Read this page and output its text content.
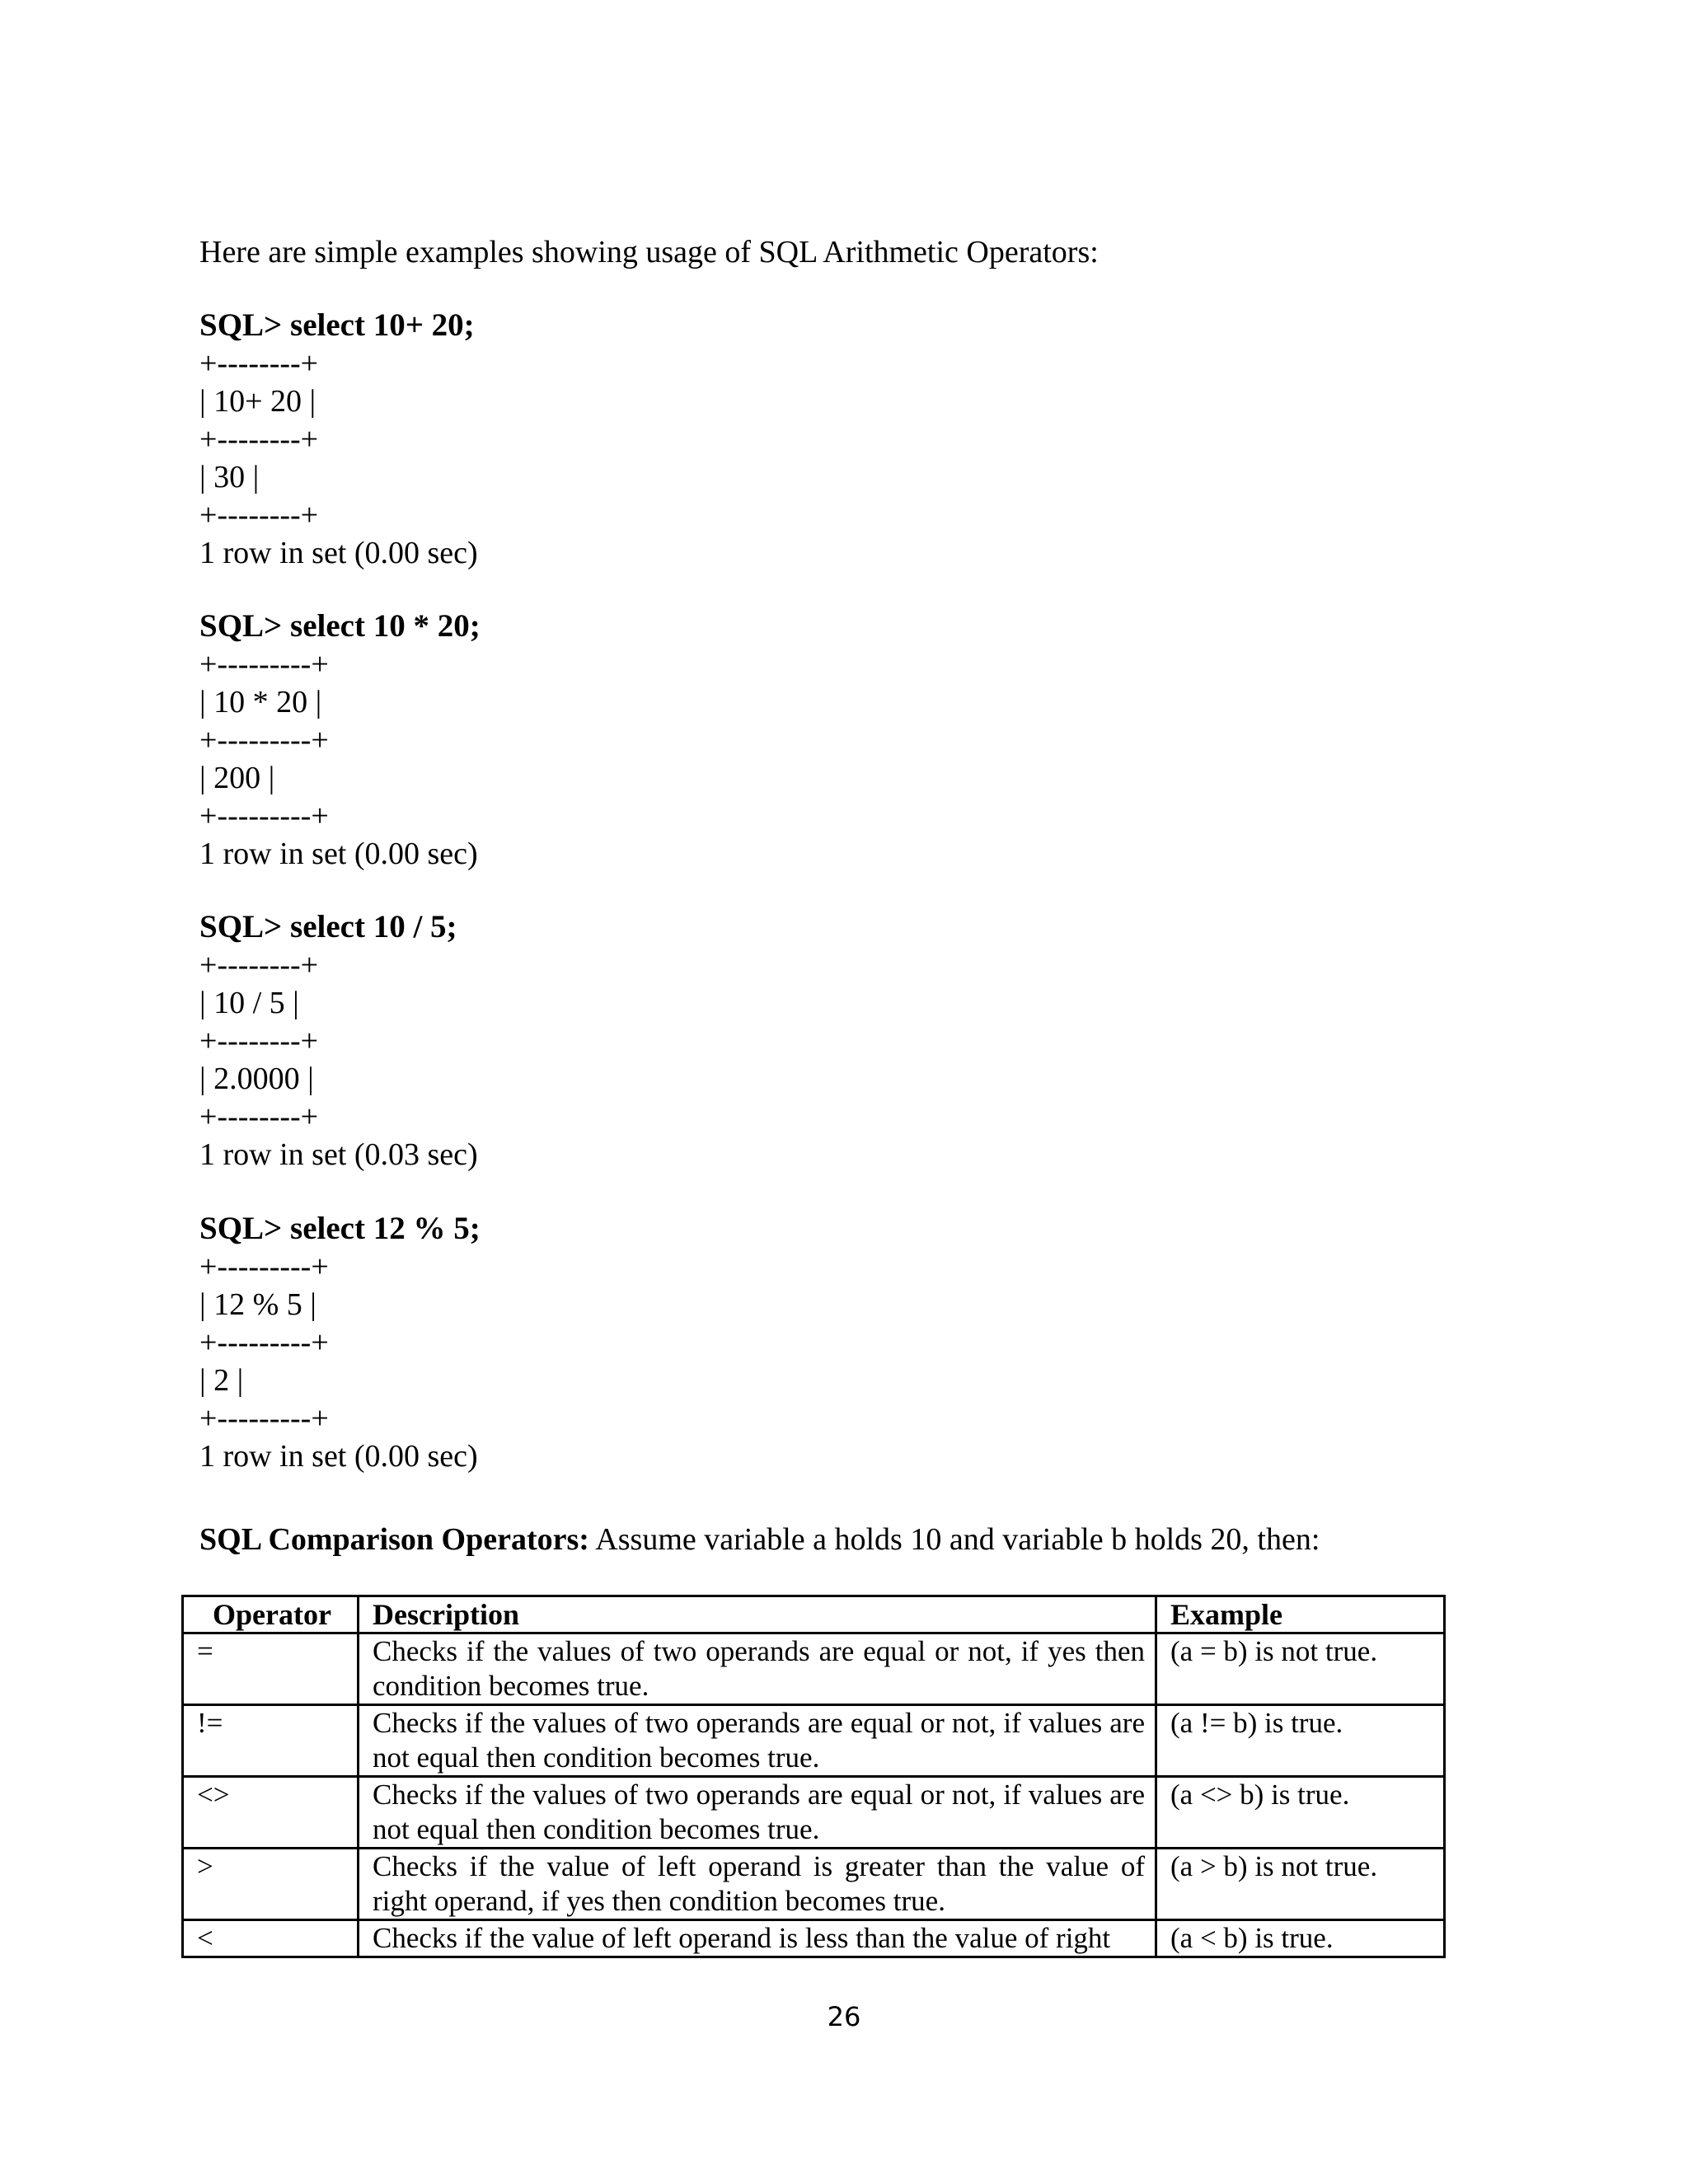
Here are simple examples showing usage of SQL Arithmetic Operators:
SQL> select 10+ 20;
+--------+
| 10+ 20 |
+--------+
| 30 |
+--------+
1 row in set (0.00 sec)
SQL> select 10 * 20;
+---------+
| 10 * 20 |
+---------+
| 200 |
+---------+
1 row in set (0.00 sec)
SQL> select 10 / 5;
+--------+
| 10 / 5 |
+--------+
| 2.0000 |
+--------+
1 row in set (0.03 sec)
SQL> select 12 % 5;
+---------+
| 12 % 5 |
+---------+
| 2 |
+---------+
1 row in set (0.00 sec)
SQL Comparison Operators: Assume variable a holds 10 and variable b holds 20, then:
Operator	Description	Example
=	Checks if the values of two operands are equal or not, if yes then condition becomes true.	(a = b) is not true.
!=	Checks if the values of two operands are equal or not, if values are not equal then condition becomes true.	(a != b) is true.
<>	Checks if the values of two operands are equal or not, if values are not equal then condition becomes true.	(a <> b) is true.
>	Checks if the value of left operand is greater than the value of right operand, if yes then condition becomes true.	(a > b) is not true.
<	Checks if the value of left operand is less than the value of right	(a < b) is true.
26
